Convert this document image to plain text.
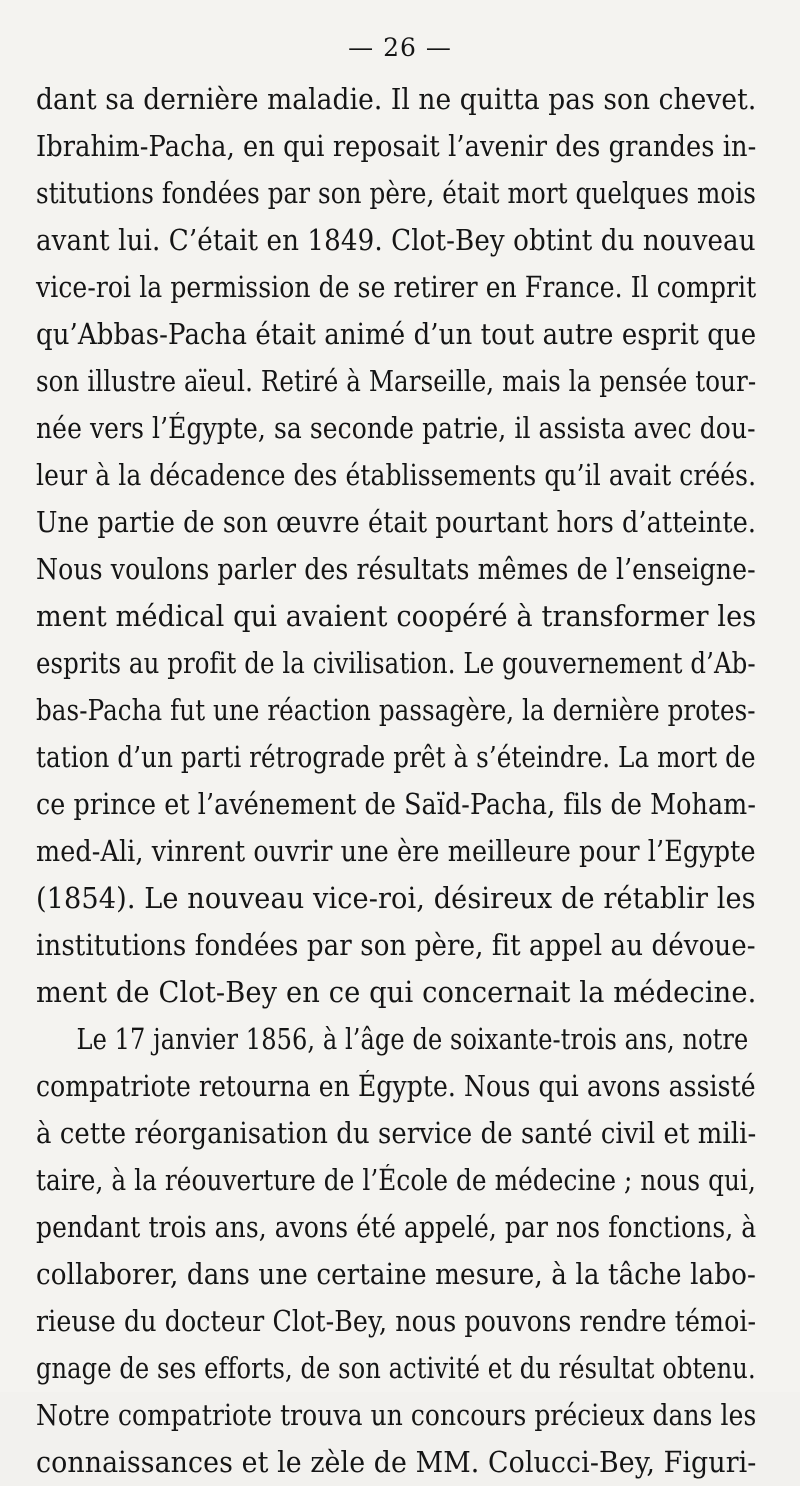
— 26 —
dant sa dernière maladie. Il ne quitta pas son chevet.
Ibrahim-Pacha, en qui reposait l’avenir des grandes in-
stitutions fondées par son père, était mort quelques mois
avant lui. C’était en 1849. Clot-Bey obtint du nouveau
vice-roi la permission de se retirer en France. Il comprit
qu’Abbas-Pacha était animé d’un tout autre esprit que
son illustre aïeul. Retiré à Marseille, mais la pensée tour-
née vers l’Égypte, sa seconde patrie, il assista avec dou-
leur à la décadence des établissements qu’il avait créés.
Une partie de son œuvre était pourtant hors d’atteinte.
Nous voulons parler des résultats mêmes de l’enseigne-
ment médical qui avaient coopéré à transformer les
esprits au profit de la civilisation. Le gouvernement d’Ab-
bas-Pacha fut une réaction passagère, la dernière protes-
tation d’un parti rétrograde prêt à s’éteindre. La mort de
ce prince et l’avénement de Saïd-Pacha, fils de Moham-
med-Ali, vinrent ouvrir une ère meilleure pour l’Egypte
(1854). Le nouveau vice-roi, désireux de rétablir les
institutions fondées par son père, fit appel au dévoue-
ment de Clot-Bey en ce qui concernait la médecine.
Le 17 janvier 1856, à l’âge de soixante-trois ans, notre
compatriote retourna en Égypte. Nous qui avons assisté
à cette réorganisation du service de santé civil et mili-
taire, à la réouverture de l’École de médecine ; nous qui,
pendant trois ans, avons été appelé, par nos fonctions, à
collaborer, dans une certaine mesure, à la tâche labo-
rieuse du docteur Clot-Bey, nous pouvons rendre témoi-
gnage de ses efforts, de son activité et du résultat obtenu.
Notre compatriote trouva un concours précieux dans les
connaissances et le zèle de MM. Colucci-Bey, Figuri-
